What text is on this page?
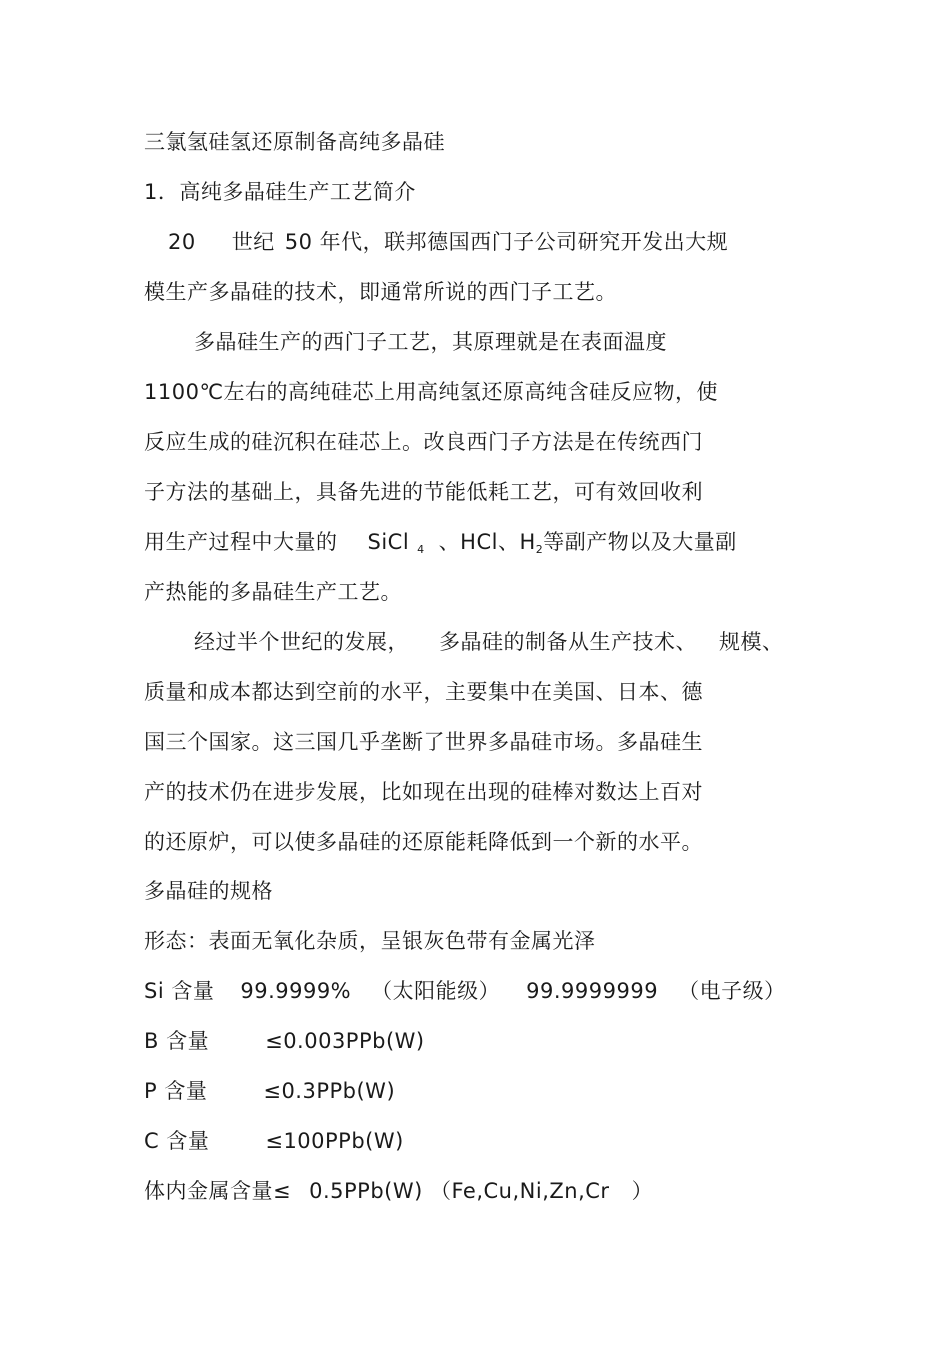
三氯氢硅氢还原制备高纯多晶硅
1．高纯多晶硅生产工艺简介
20 世纪 50 年代，联邦德国西门子公司研究开发出大规
模生产多晶硅的技术，即通常所说的西门子工艺。
多晶硅生产的西门子工艺，其原理就是在表面温度
1100℃左右的高纯硅芯上用高纯氢还原高纯含硅反应物，使
反应生成的硅沉积在硅芯上。改良西门子方法是在传统西门
子方法的基础上，具备先进的节能低耗工艺，可有效回收利
用生产过程中大量的 SiCl $_4$ 、HCl、$H_2$等副产物以及大量副
产热能的多晶硅生产工艺。
经过半个世纪的发展， 多晶硅的制备从生产技术、 规模、
质量和成本都达到空前的水平，主要集中在美国、日本、德
国三个国家。这三国几乎垄断了世界多晶硅市场。多晶硅生
产的技术仍在进步发展，比如现在出现的硅棒对数达上百对
的还原炉，可以使多晶硅的还原能耗降低到一个新的水平。
多晶硅的规格
形态：表面无氧化杂质，呈银灰色带有金属光泽
Si 含量 99.9999% （太阳能级） 99.9999999 （电子级）
B 含量	≤0.003PPb(W)
P 含量	≤0.3PPb(W)
C 含量	≤100PPb(W)
体内金属含量≤ 0.5PPb(W) （Fe,Cu,Ni,Zn,Cr ）
